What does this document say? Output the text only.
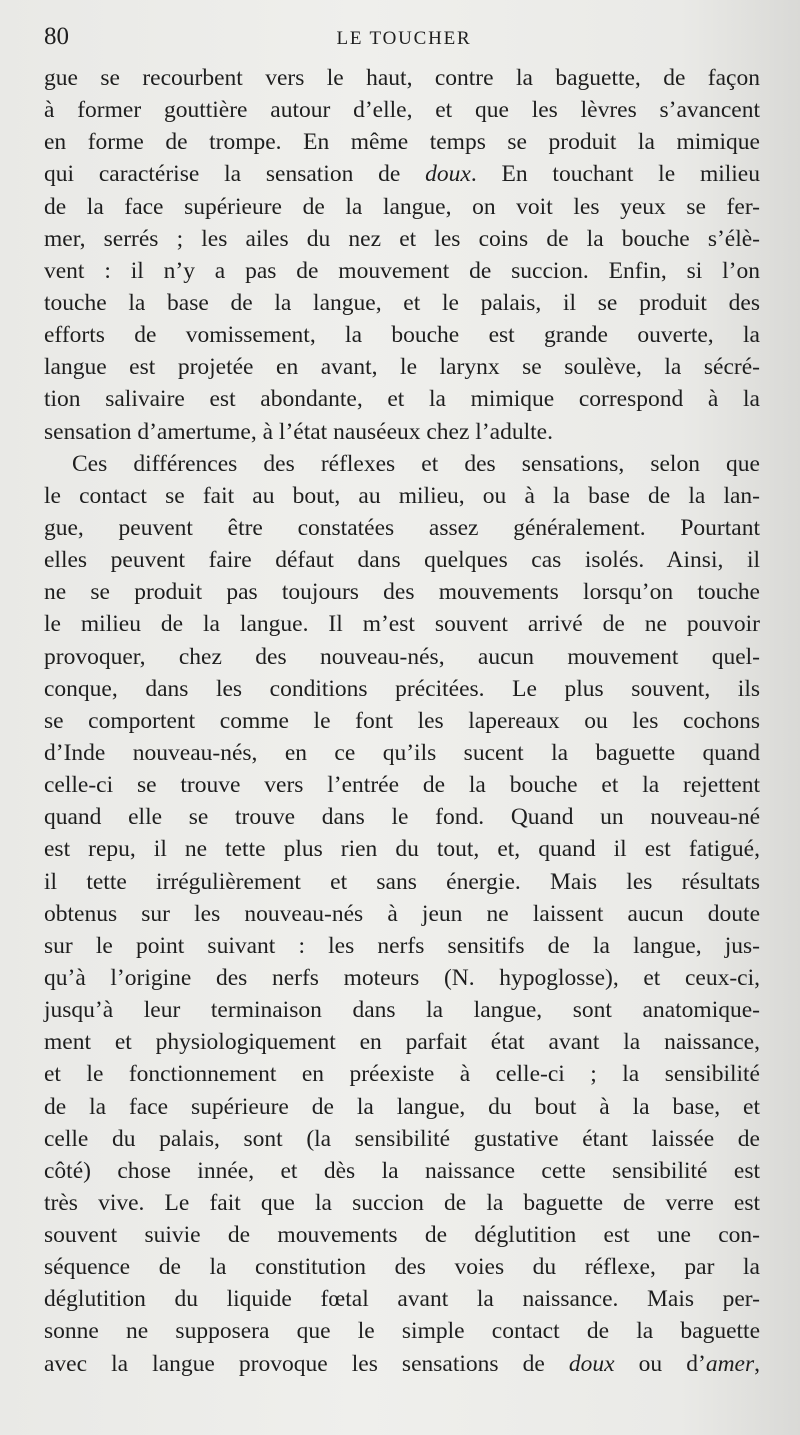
80	LE TOUCHER
gue se recourbent vers le haut, contre la baguette, de façon
à former gouttière autour d’elle, et que les lèvres s’avancent
en forme de trompe. En même temps se produit la mimique
qui caractérise la sensation de doux. En touchant le milieu
de la face supérieure de la langue, on voit les yeux se fer-
mer, serrés ; les ailes du nez et les coins de la bouche s’élè-
vent : il n’y a pas de mouvement de succion. Enfin, si l’on
touche la base de la langue, et le palais, il se produit des
efforts de vomissement, la bouche est grande ouverte, la
langue est projetée en avant, le larynx se soulève, la sécré-
tion salivaire est abondante, et la mimique correspond à la
sensation d’amertume, à l’état nauséeux chez l’adulte.
Ces différences des réflexes et des sensations, selon que
le contact se fait au bout, au milieu, ou à la base de la lan-
gue, peuvent être constatées assez généralement. Pourtant
elles peuvent faire défaut dans quelques cas isolés. Ainsi, il
ne se produit pas toujours des mouvements lorsqu’on touche
le milieu de la langue. Il m’est souvent arrivé de ne pouvoir
provoquer, chez des nouveau-nés, aucun mouvement quel-
conque, dans les conditions précitées. Le plus souvent, ils
se comportent comme le font les lapereaux ou les cochons
d’Inde nouveau-nés, en ce qu’ils sucent la baguette quand
celle-ci se trouve vers l’entrée de la bouche et la rejettent
quand elle se trouve dans le fond. Quand un nouveau-né
est repu, il ne tette plus rien du tout, et, quand il est fatigué,
il tette irrégulièrement et sans énergie. Mais les résultats
obtenus sur les nouveau-nés à jeun ne laissent aucun doute
sur le point suivant : les nerfs sensitifs de la langue, jus-
qu’à l’origine des nerfs moteurs (N. hypoglosse), et ceux-ci,
jusqu’à leur terminaison dans la langue, sont anatomique-
ment et physiologiquement en parfait état avant la naissance,
et le fonctionnement en préexiste à celle-ci ; la sensibilité
de la face supérieure de la langue, du bout à la base, et
celle du palais, sont (la sensibilité gustative étant laissée de
côté) chose innée, et dès la naissance cette sensibilité est
très vive. Le fait que la succion de la baguette de verre est
souvent suivie de mouvements de déglutition est une con-
séquence de la constitution des voies du réflexe, par la
déglutition du liquide fœtal avant la naissance. Mais per-
sonne ne supposera que le simple contact de la baguette
avec la langue provoque les sensations de doux ou d’amer,
